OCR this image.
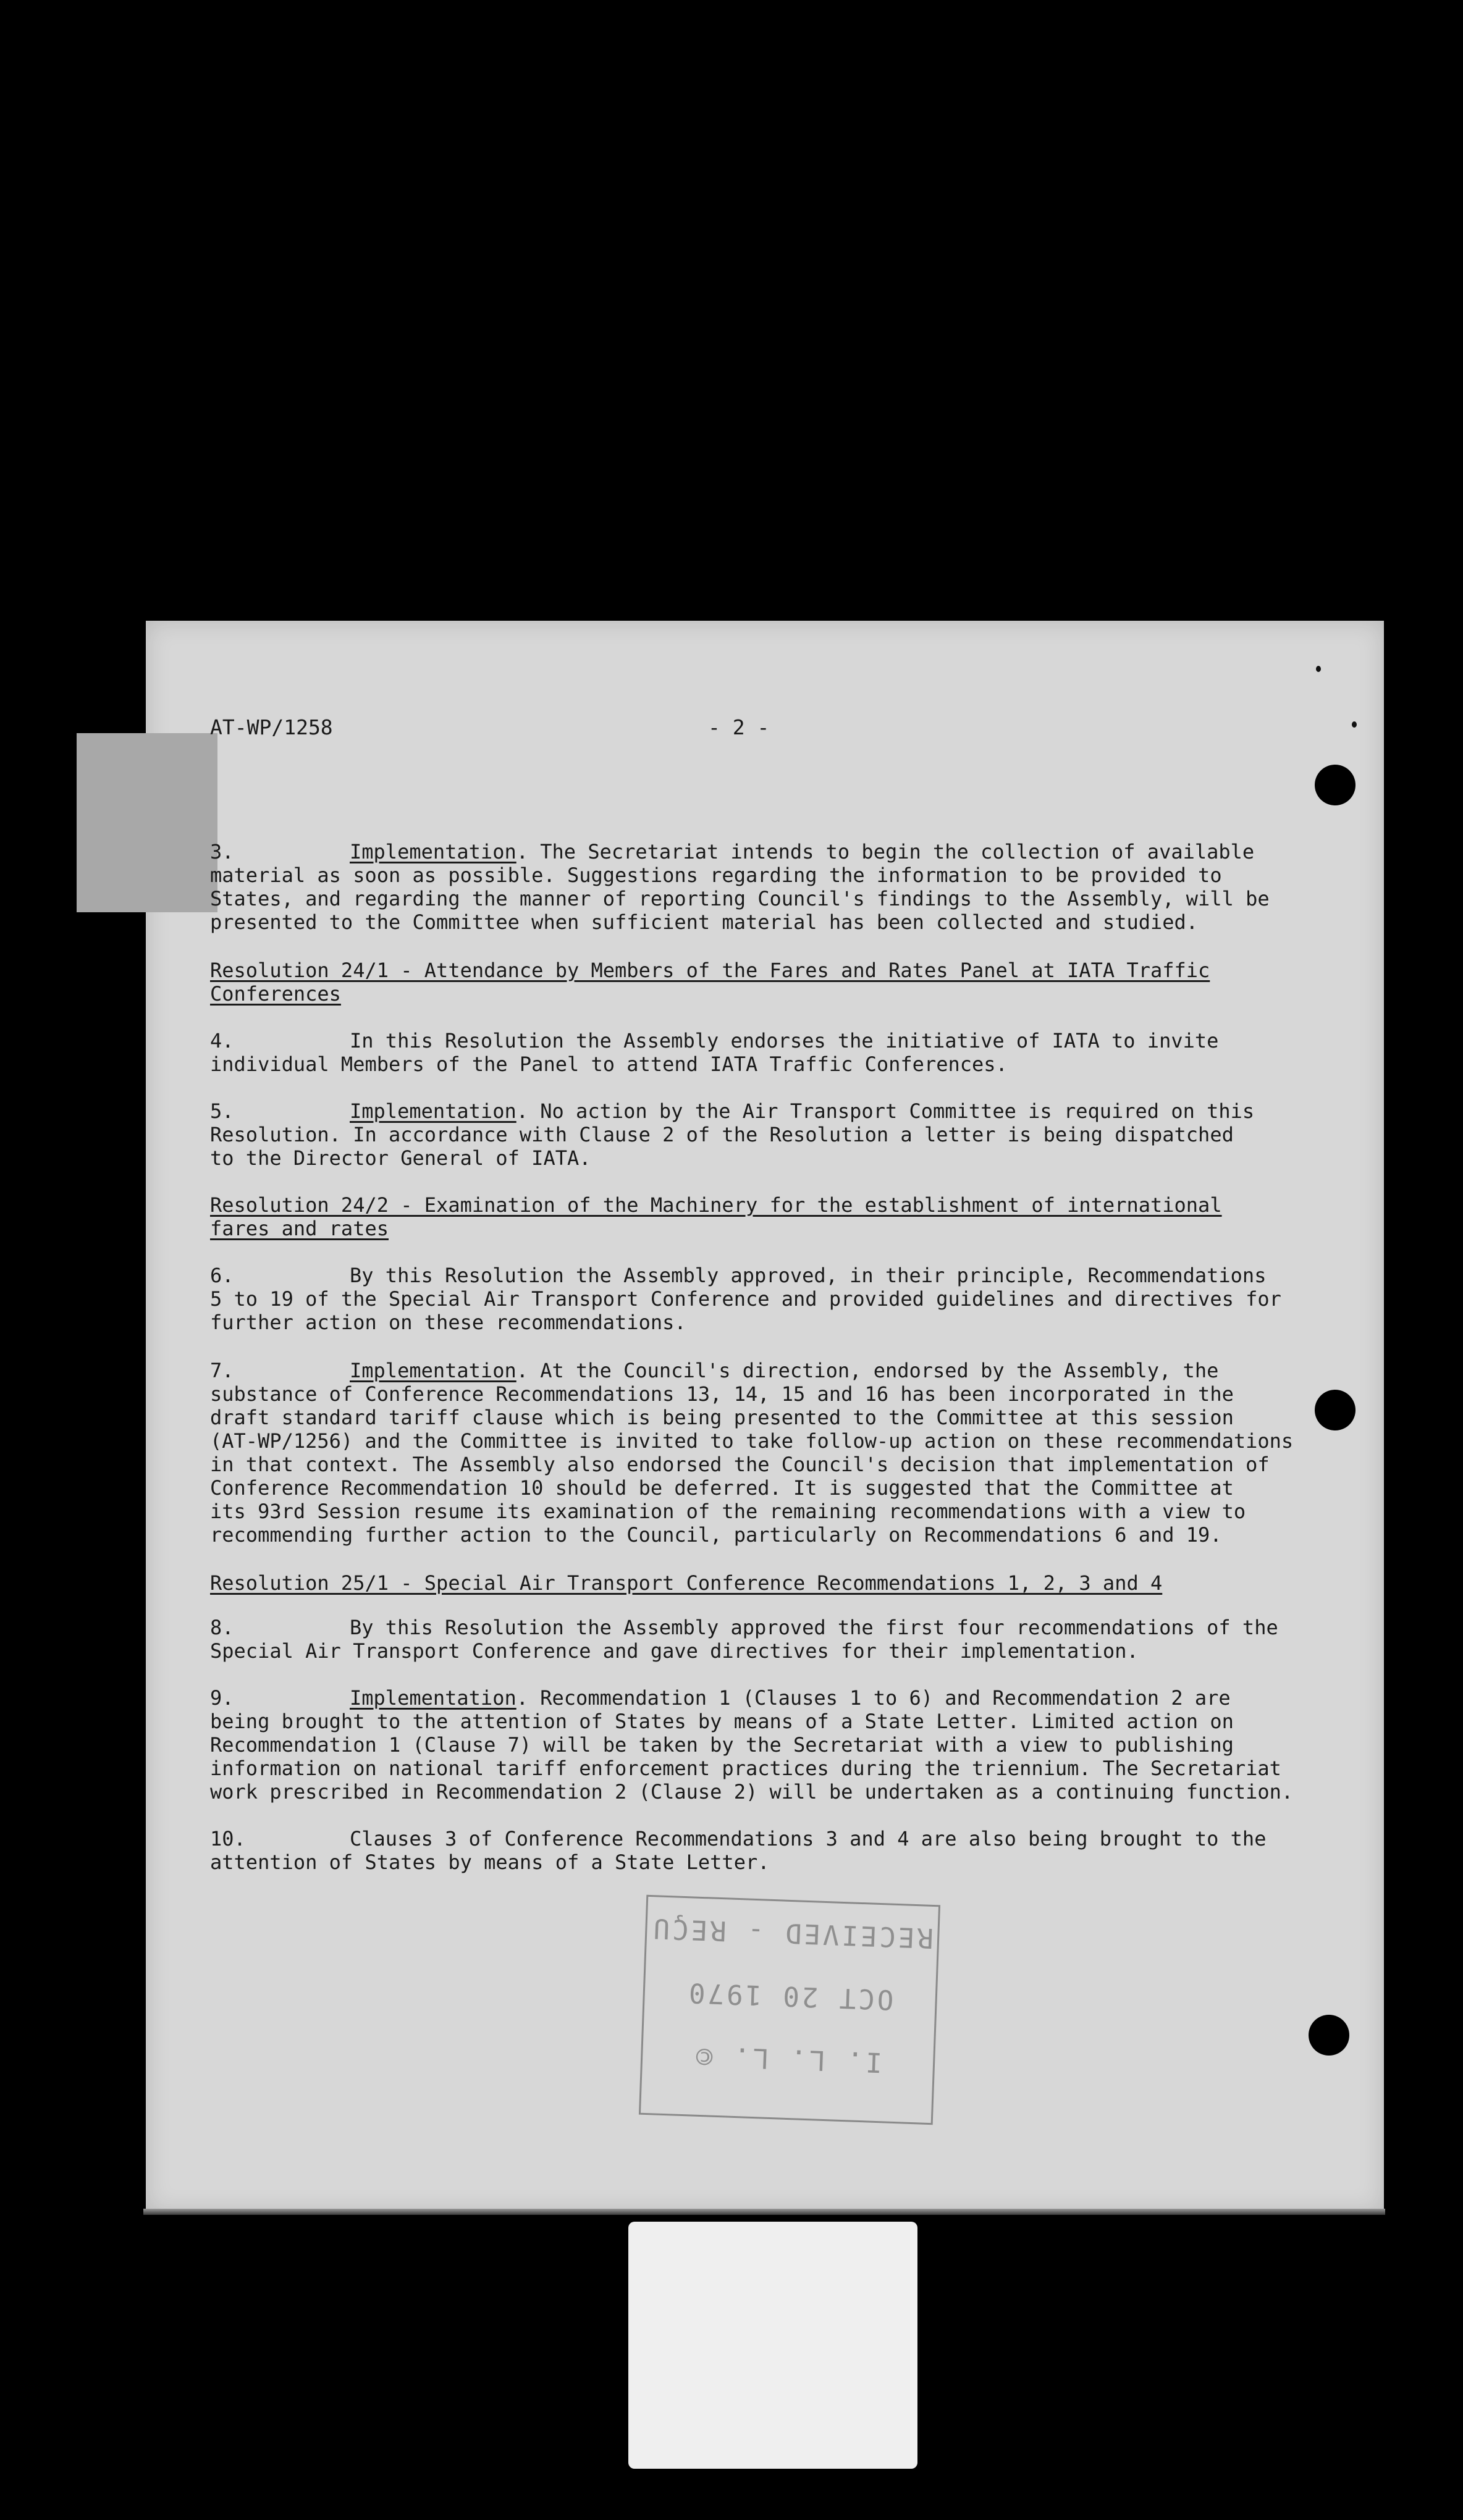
AT-WP/1258	- 2 -
3.	Implementation. The Secretariat intends to begin the collection of available

material as soon as possible. Suggestions regarding the information to be provided to
States, and regarding the manner of reporting Council's findings to the Assembly, will be
presented to the Committee when sufficient material has been collected and studied.
Resolution 24/1 - Attendance by Members of the Fares and Rates Panel at IATA Traffic
Conferences
4.	In this Resolution the Assembly endorses the initiative of IATA to invite

individual Members of the Panel to attend IATA Traffic Conferences.
5.	Implementation. No action by the Air Transport Committee is required on this

Resolution. In accordance with Clause 2 of the Resolution a letter is being dispatched
to the Director General of IATA.
Resolution 24/2 - Examination of the Machinery for the establishment of international
fares and rates
6.	By this Resolution the Assembly approved, in their principle, Recommendations

5 to 19 of the Special Air Transport Conference and provided guidelines and directives for
further action on these recommendations.
7.	Implementation. At the Council's direction, endorsed by the Assembly, the

substance of Conference Recommendations 13, 14, 15 and 16 has been incorporated in the
draft standard tariff clause which is being presented to the Committee at this session
(AT-WP/1256) and the Committee is invited to take follow-up action on these recommendations
in that context. The Assembly also endorsed the Council's decision that implementation of
Conference Recommendation 10 should be deferred. It is suggested that the Committee at
its 93rd Session resume its examination of the remaining recommendations with a view to
recommending further action to the Council, particularly on Recommendations 6 and 19.
Resolution 25/1 - Special Air Transport Conference Recommendations 1, 2, 3 and 4
8.	By this Resolution the Assembly approved the first four recommendations of the

Special Air Transport Conference and gave directives for their implementation.
9.	Implementation. Recommendation 1 (Clauses 1 to 6) and Recommendation 2 are

being brought to the attention of States by means of a State Letter. Limited action on
Recommendation 1 (Clause 7) will be taken by the Secretariat with a view to publishing
information on national tariff enforcement practices during the triennium. The Secretariat
work prescribed in Recommendation 2 (Clause 2) will be undertaken as a continuing function.
10.	Clauses 3 of Conference Recommendations 3 and 4 are also being brought to the

attention of States by means of a State Letter.
RECEIVED - REÇU
OCT 20 1970
I. L. L. ©
